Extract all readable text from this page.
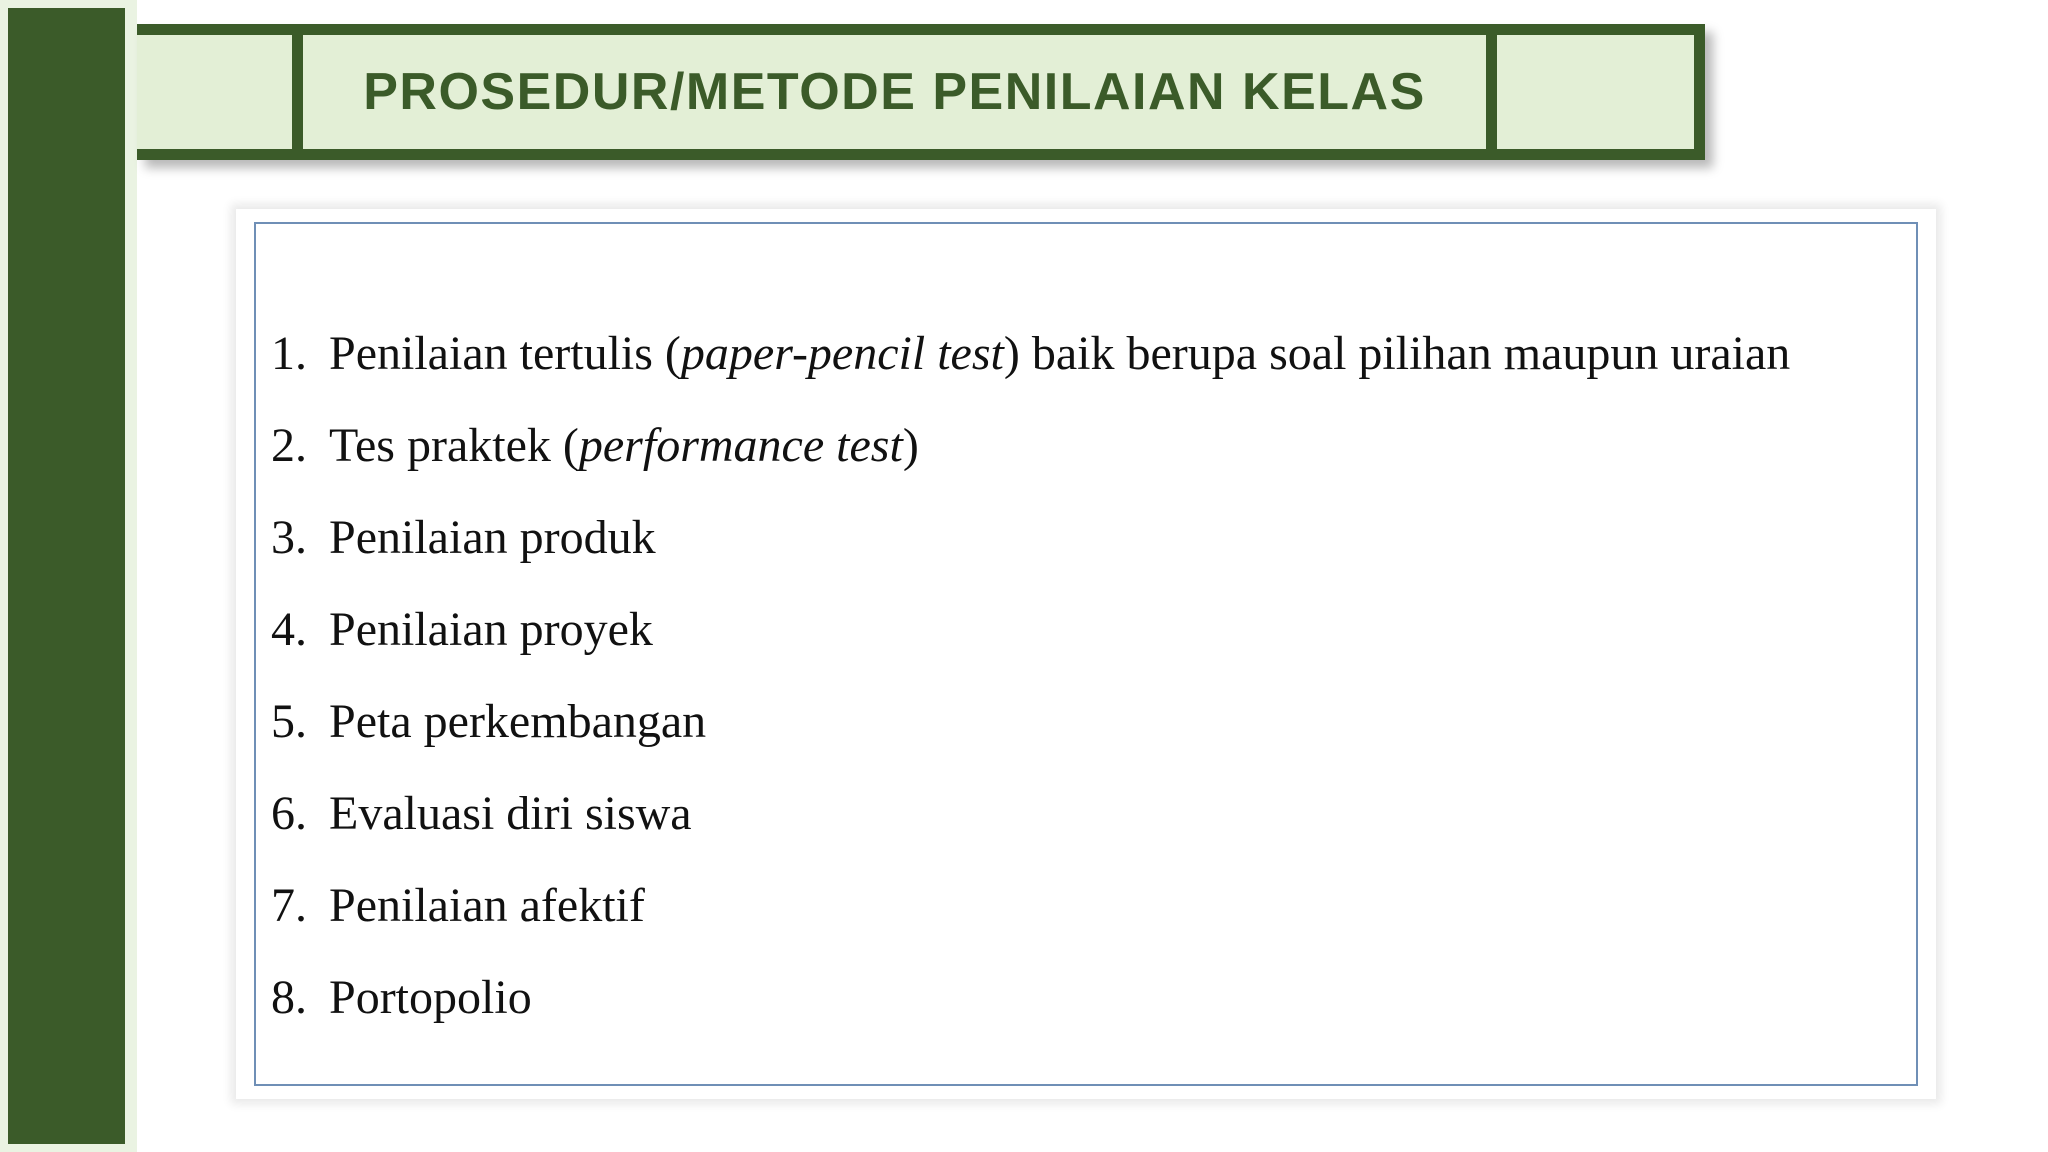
PROSEDUR/METODE PENILAIAN KELAS
1. Penilaian tertulis (paper-pencil test) baik berupa soal pilihan maupun uraian
2. Tes praktek (performance test)
3. Penilaian produk
4. Penilaian proyek
5. Peta perkembangan
6. Evaluasi diri siswa
7. Penilaian afektif
8. Portopolio
